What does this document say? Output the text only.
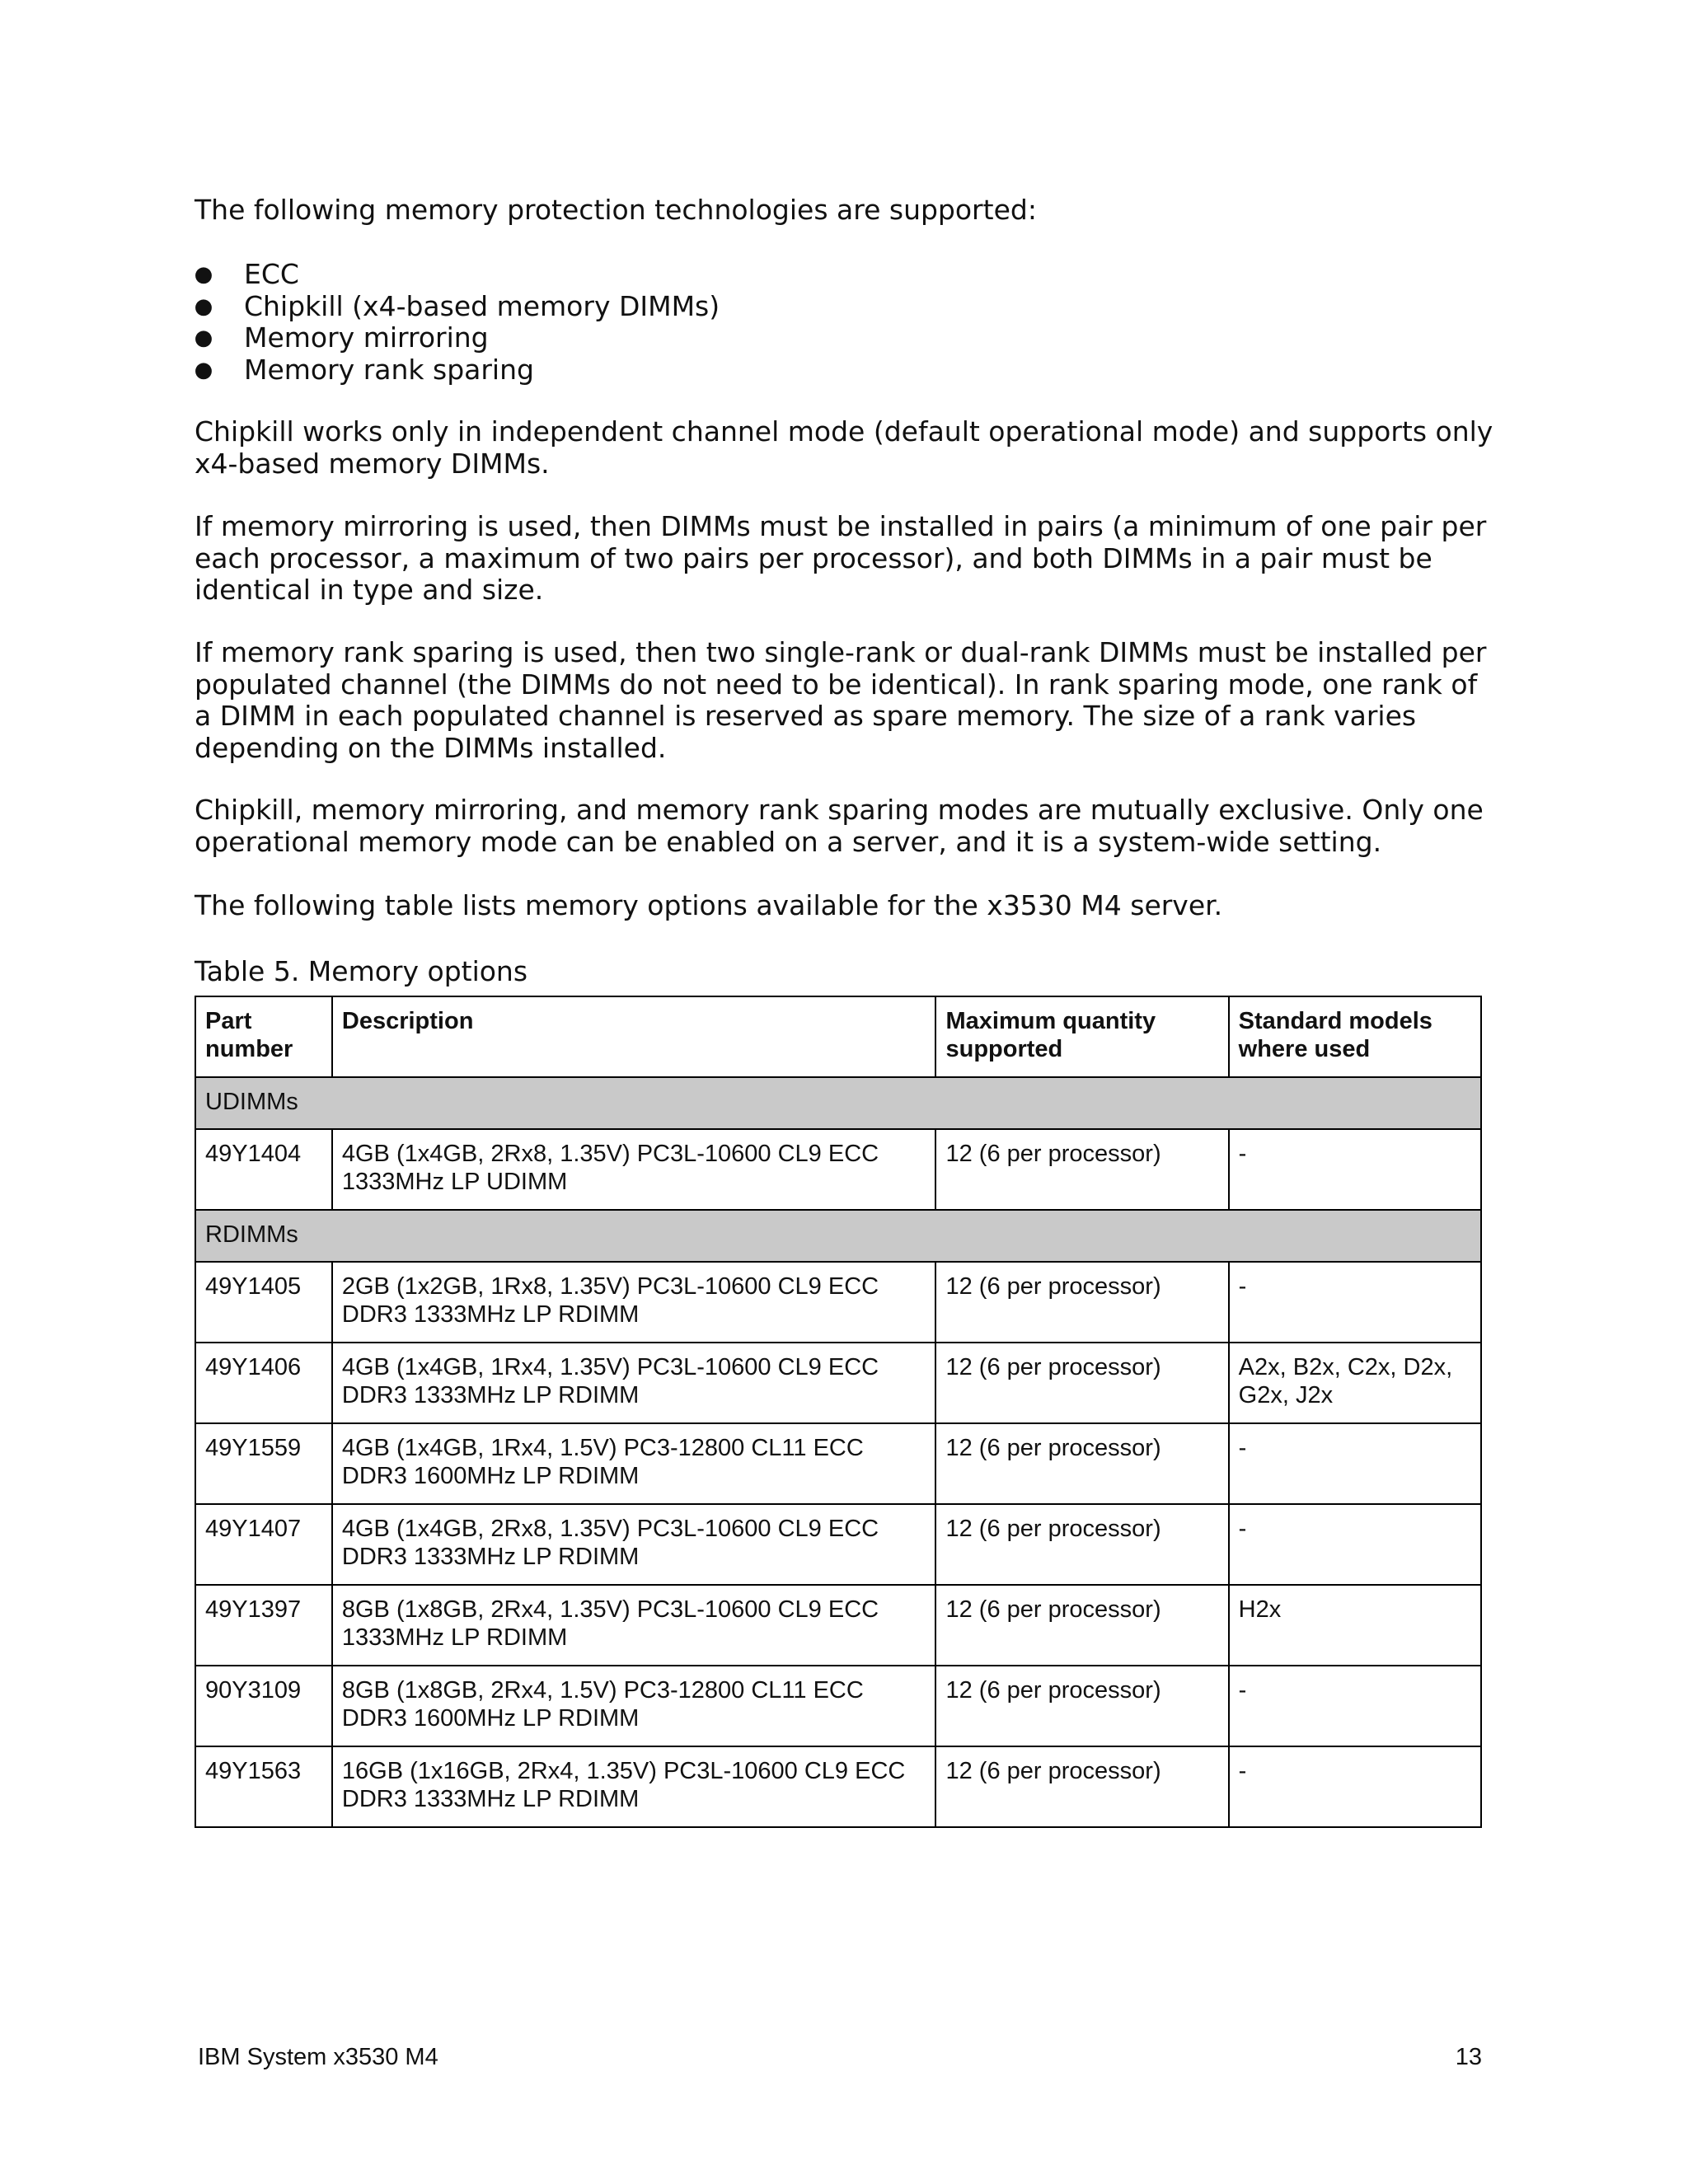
The following memory protection technologies are supported:

● ECC
● Chipkill (x4-based memory DIMMs)
● Memory mirroring
● Memory rank sparing

Chipkill works only in independent channel mode (default operational mode) and supports only x4-based memory DIMMs.

If memory mirroring is used, then DIMMs must be installed in pairs (a minimum of one pair per each processor, a maximum of two pairs per processor), and both DIMMs in a pair must be identical in type and size.

If memory rank sparing is used, then two single-rank or dual-rank DIMMs must be installed per populated channel (the DIMMs do not need to be identical). In rank sparing mode, one rank of a DIMM in each populated channel is reserved as spare memory. The size of a rank varies depending on the DIMMs installed.

Chipkill, memory mirroring, and memory rank sparing modes are mutually exclusive. Only one operational memory mode can be enabled on a server, and it is a system-wide setting.

The following table lists memory options available for the x3530 M4 server.

Table 5. Memory options

Part number	Description	Maximum quantity supported	Standard models where used
UDIMMs			
49Y1404	4GB (1x4GB, 2Rx8, 1.35V) PC3L-10600 CL9 ECC 1333MHz LP UDIMM	12 (6 per processor)	-
RDIMMs			
49Y1405	2GB (1x2GB, 1Rx8, 1.35V) PC3L-10600 CL9 ECC DDR3 1333MHz LP RDIMM	12 (6 per processor)	-
49Y1406	4GB (1x4GB, 1Rx4, 1.35V) PC3L-10600 CL9 ECC DDR3 1333MHz LP RDIMM	12 (6 per processor)	A2x, B2x, C2x, D2x, G2x, J2x
49Y1559	4GB (1x4GB, 1Rx4, 1.5V) PC3-12800 CL11 ECC DDR3 1600MHz LP RDIMM	12 (6 per processor)	-
49Y1407	4GB (1x4GB, 2Rx8, 1.35V) PC3L-10600 CL9 ECC DDR3 1333MHz LP RDIMM	12 (6 per processor)	-
49Y1397	8GB (1x8GB, 2Rx4, 1.35V) PC3L-10600 CL9 ECC 1333MHz LP RDIMM	12 (6 per processor)	H2x
90Y3109	8GB (1x8GB, 2Rx4, 1.5V) PC3-12800 CL11 ECC DDR3 1600MHz LP RDIMM	12 (6 per processor)	-
49Y1563	16GB (1x16GB, 2Rx4, 1.35V) PC3L-10600 CL9 ECC DDR3 1333MHz LP RDIMM	12 (6 per processor)	-
IBM System x3530 M4	13
